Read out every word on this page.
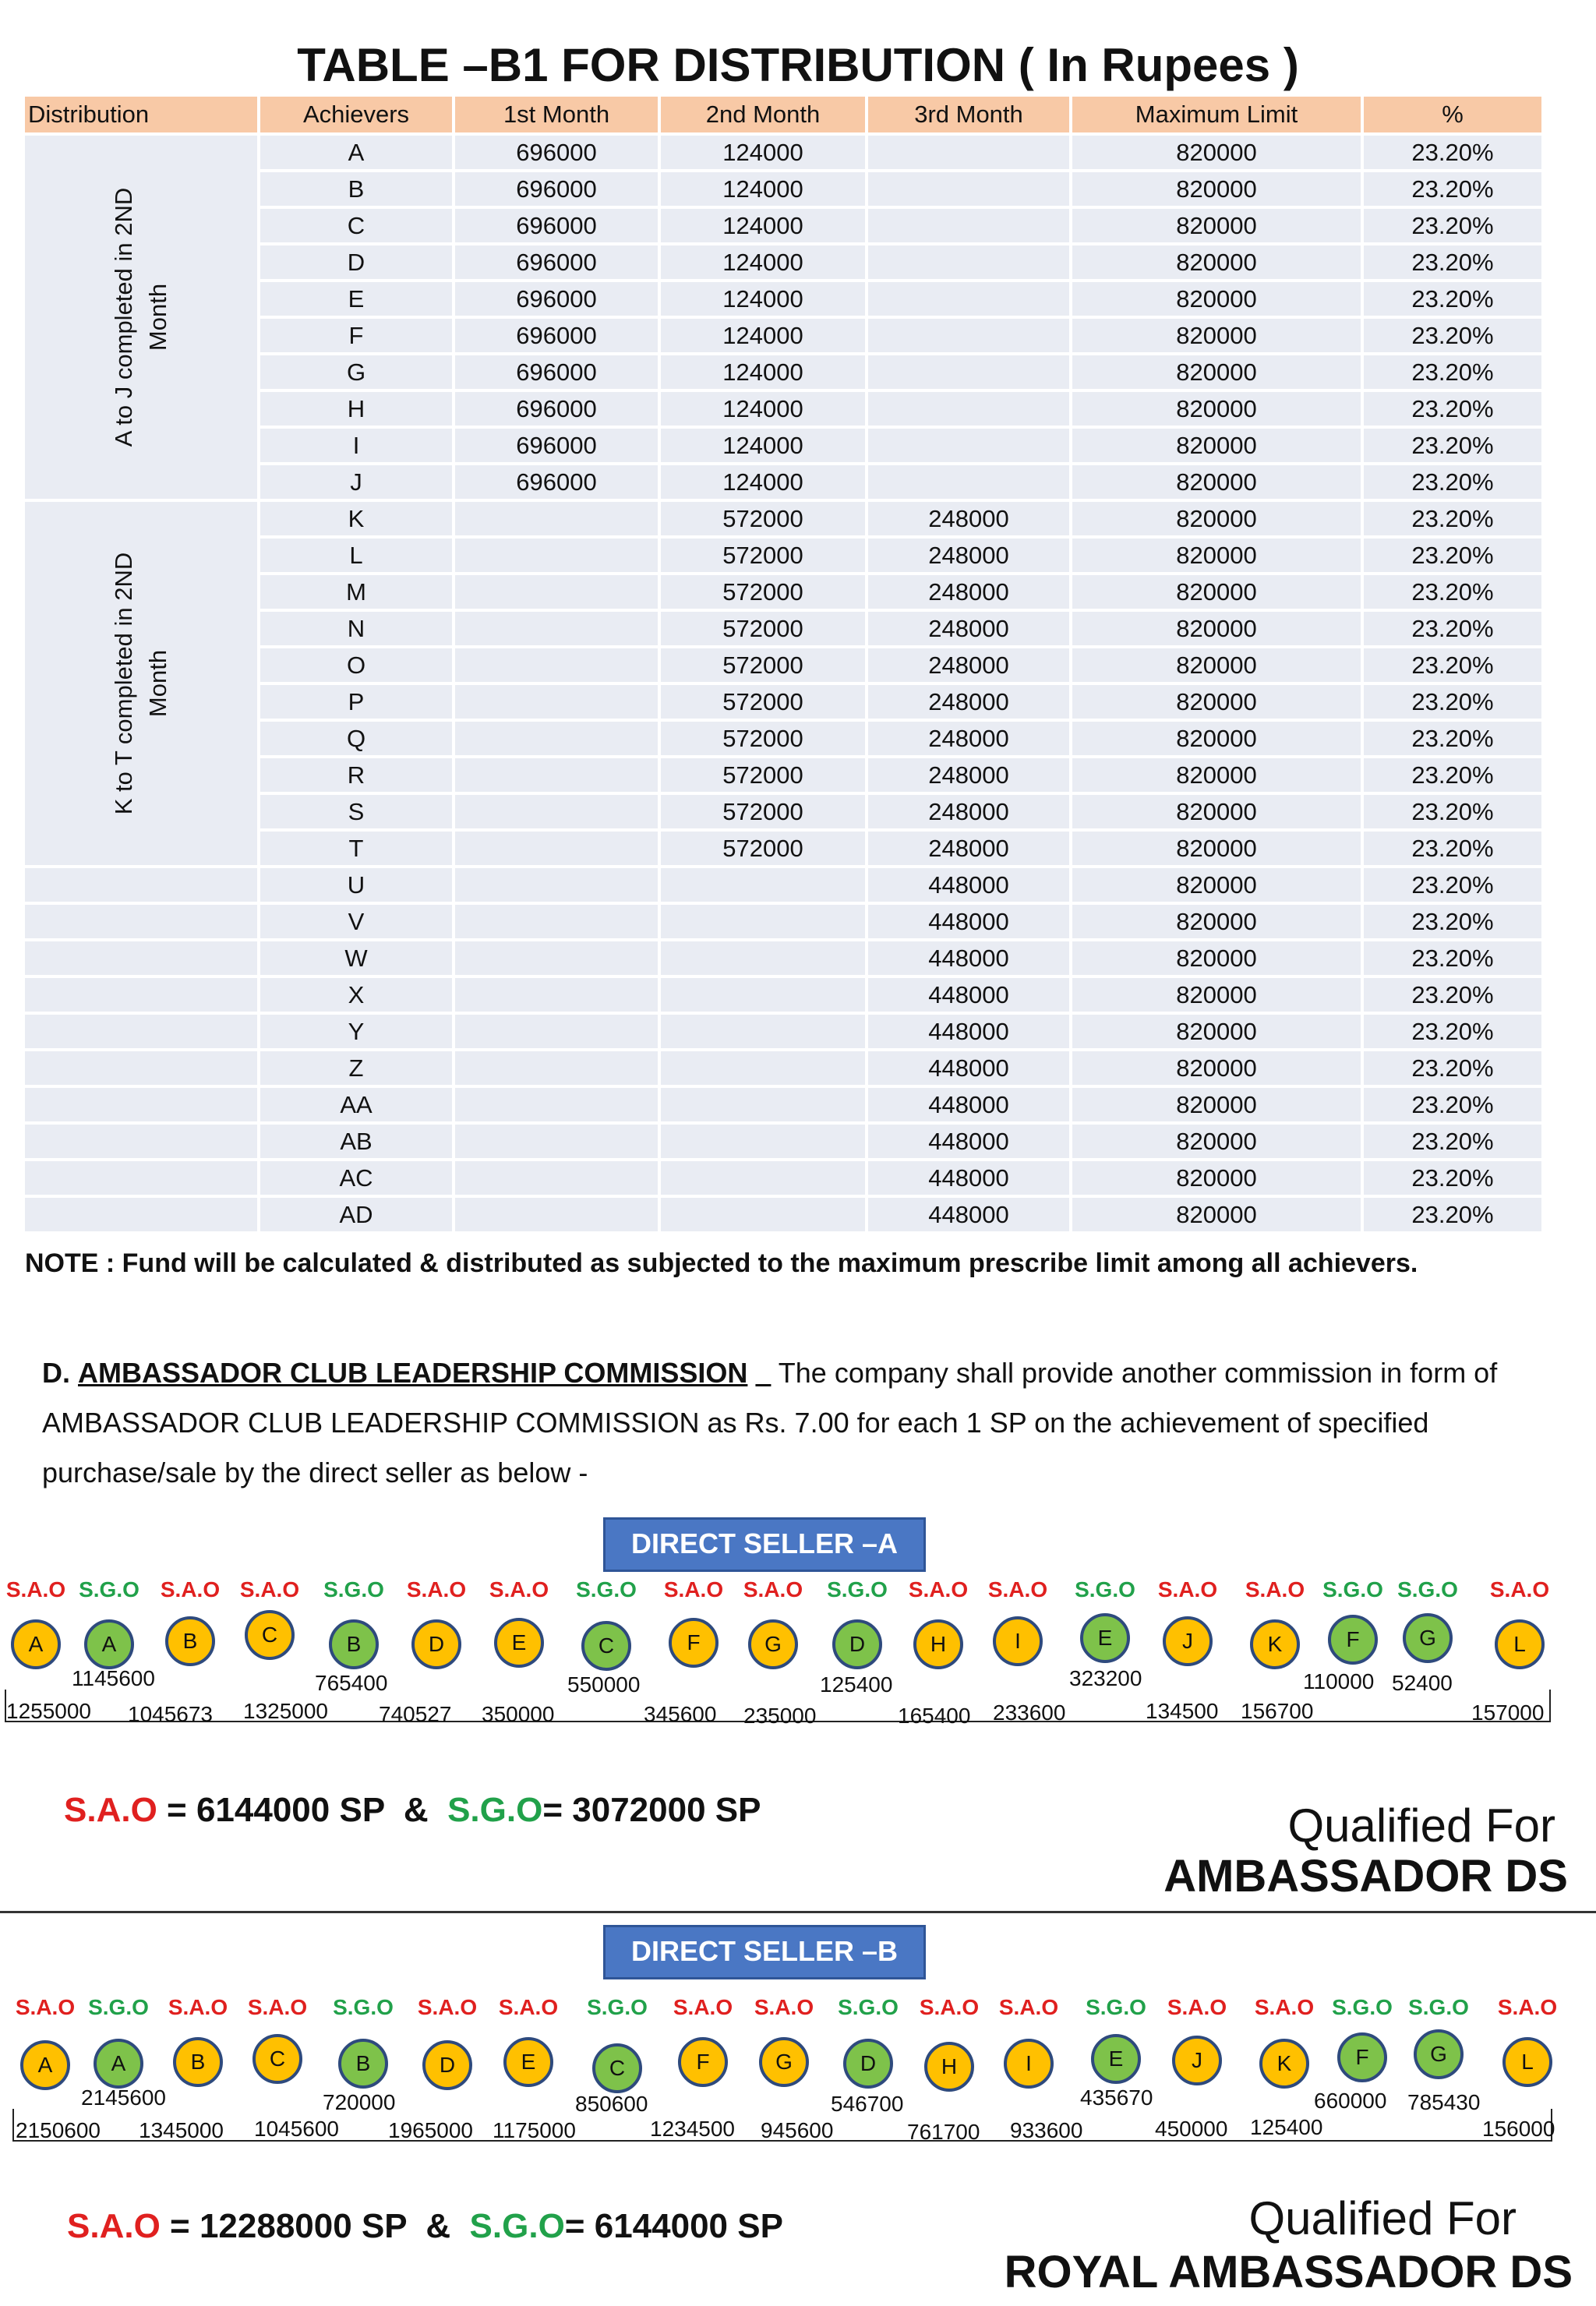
TABLE –B1 FOR DISTRIBUTION ( In Rupees )
Distribution	Achievers	1st Month	2nd Month	3rd Month	Maximum Limit	%

A to J completed in 2ND Month	A	696000	124000		820000	23.20%
	B	696000	124000		820000	23.20%
	C	696000	124000		820000	23.20%
	D	696000	124000		820000	23.20%
	E	696000	124000		820000	23.20%
	F	696000	124000		820000	23.20%
	G	696000	124000		820000	23.20%
	H	696000	124000		820000	23.20%
	I	696000	124000		820000	23.20%
	J	696000	124000		820000	23.20%

K to T completed in 2ND Month	K		572000	248000	820000	23.20%
	L		572000	248000	820000	23.20%
	M		572000	248000	820000	23.20%
	N		572000	248000	820000	23.20%
	O		572000	248000	820000	23.20%
	P		572000	248000	820000	23.20%
	Q		572000	248000	820000	23.20%
	R		572000	248000	820000	23.20%
	S		572000	248000	820000	23.20%
	T		572000	248000	820000	23.20%
	U			448000	820000	23.20%
	V			448000	820000	23.20%
	W			448000	820000	23.20%
	X			448000	820000	23.20%
	Y			448000	820000	23.20%
	Z			448000	820000	23.20%
	AA			448000	820000	23.20%
	AB			448000	820000	23.20%
	AC			448000	820000	23.20%
	AD			448000	820000	23.20%
NOTE : Fund will be calculated & distributed as subjected to the maximum prescribe limit among all achievers.
D. AMBASSADOR CLUB LEADERSHIP COMMISSION The company shall provide another commission in form of
AMBASSADOR CLUB LEADERSHIP COMMISSION as Rs. 7.00 for each 1 SP on the achievement of specified
purchase/sale by the direct seller as below -
DIRECT SELLER –A
S.A.O
A
S.G.O
A
S.A.O
B
S.A.O
C
S.G.O
B
S.A.O
D
S.A.O
E
S.G.O
C
S.A.O
F
S.A.O
G
S.G.O
D
S.A.O
H
S.A.O
I
S.G.O
E
S.A.O
J
S.A.O
K
S.G.O
F
S.G.O
G
S.A.O
L
1145600	765400	550000	125400	323200	110000 52400
1255000 1045673 1325000 740527 350000	345600 235000	165400 233600	134500 156700	157000
S.A.O = 6144000 SP & S.G.O= 3072000 SP	Qualified For
AMBASSADOR DS
DIRECT SELLER –B
S.A.O
A
S.G.O
A
S.A.O
B
S.A.O
C
S.G.O
B
S.A.O
D
S.A.O
E
S.G.O
C
S.A.O
F
S.A.O
G
S.G.O
D
S.A.O
H
S.A.O
I
S.G.O
E
S.A.O
J
S.A.O
K
S.G.O
F
S.G.O
G
S.A.O
L
2145600	720000	850600	546700	435670	660000 785430
2150600 1345000 1045600 1965000 1175000	1234500 945600	761700 933600	450000 125400	156000
S.A.O = 12288000 SP & S.G.O= 6144000 SP	Qualified For
ROYAL AMBASSADOR DS
